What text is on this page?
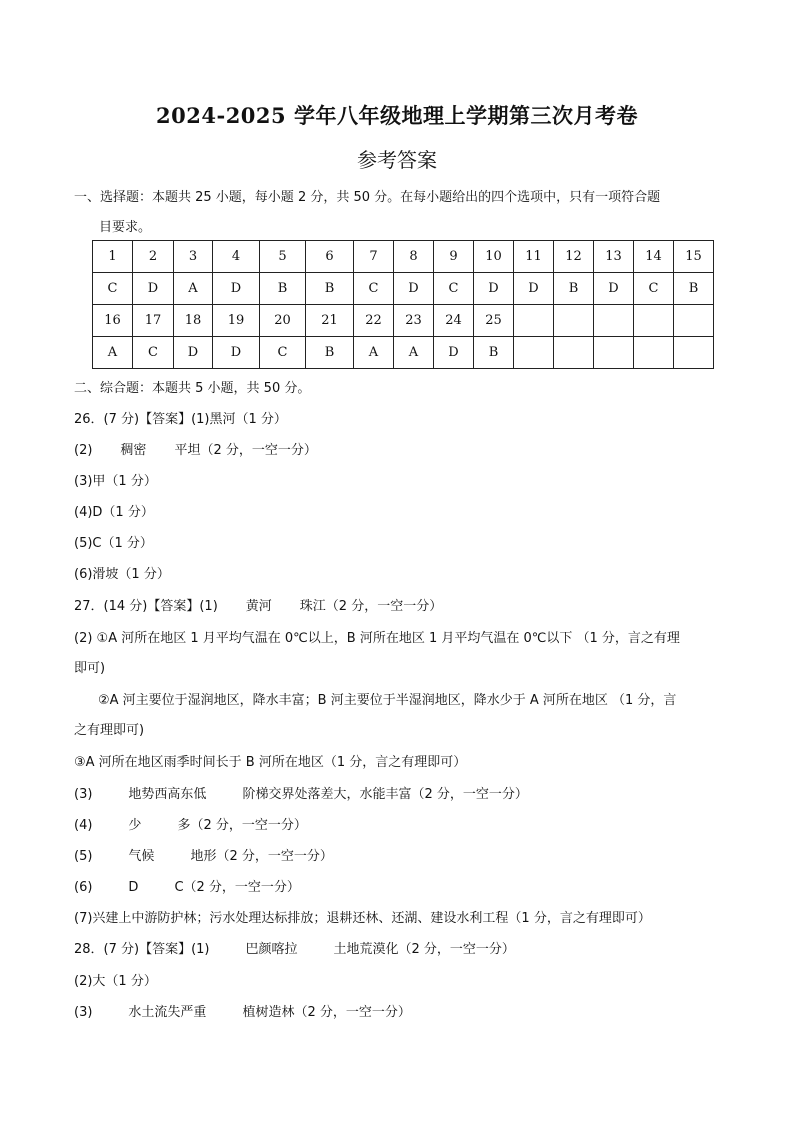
2024-2025 学年八年级地理上学期第三次月考卷
参考答案
一、选择题：本题共 25 小题，每小题 2 分，共 50 分。在每小题给出的四个选项中，只有一项符合题
目要求。
1	2	3	4	5	6	7	8	9	10	11	12	13	14	15
C	D	A	D	B	B	C	D	C	D	D	B	D	C	B
16	17	18	19	20	21	22	23	24	25					
A	C	D	D	C	B	A	A	D	B					
二、综合题：本题共 5 小题，共 50 分。
26．(7 分)【答案】(1)黑河（1 分）
(2) 稠密 平坦（2 分，一空一分）
(3)甲（1 分）
(4)D（1 分）
(5)C（1 分）
(6)滑坡（1 分）
27．(14 分)【答案】(1) 黄河 珠江（2 分，一空一分）
(2) ①A 河所在地区 1 月平均气温在 0℃以上，B 河所在地区 1 月平均气温在 0℃以下 （1 分，言之有理
即可)
②A 河主要位于湿润地区，降水丰富；B 河主要位于半湿润地区，降水少于 A 河所在地区 （1 分，言
之有理即可)
③A 河所在地区雨季时间长于 B 河所在地区（1 分，言之有理即可）
(3)	地势西高东低	阶梯交界处落差大，水能丰富（2 分，一空一分）
(4)	少	多（2 分，一空一分）
(5)	气候	地形（2 分，一空一分）
(6)	D	C（2 分，一空一分）
(7)兴建上中游防护林；污水处理达标排放；退耕还林、还湖、建设水利工程（1 分，言之有理即可）
28．(7 分)【答案】(1)	巴颜喀拉	土地荒漠化（2 分，一空一分）
(2)大（1 分）
(3)	水土流失严重	植树造林（2 分，一空一分）
